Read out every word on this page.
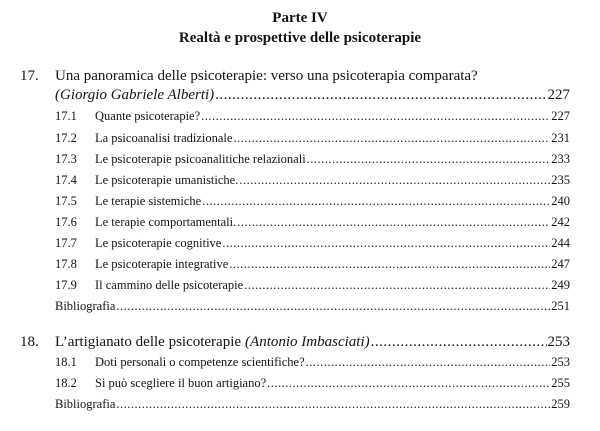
Parte IV
Realtà e prospettive delle psicoterapie
17.	Una panoramica delle psicoterapie: verso una psicoterapia comparata?
(Giorgio Gabriele Alberti) .....	227
17.1	Quante psicoterapie? .....	227
17.2	La psicoanalisi tradizionale .....	231
17.3	Le psicoterapie psicoanalitiche relazionali .....	233
17.4	Le psicoterapie umanistiche. .....	235
17.5	Le terapie sistemiche .....	240
17.6	Le terapie comportamentali. .....	242
17.7	Le psicoterapie cognitive .....	244
17.8	Le psicoterapie integrative .....	247
17.9	Il cammino delle psicoterapie .....	249
Bibliografia .....	251
18.	L’artigianato delle psicoterapie (Antonio Imbasciati) .....	253
18.1	Doti personali o competenze scientifiche? .....	253
18.2	Si può scegliere il buon artigiano? .....	255
Bibliografia .....	259
